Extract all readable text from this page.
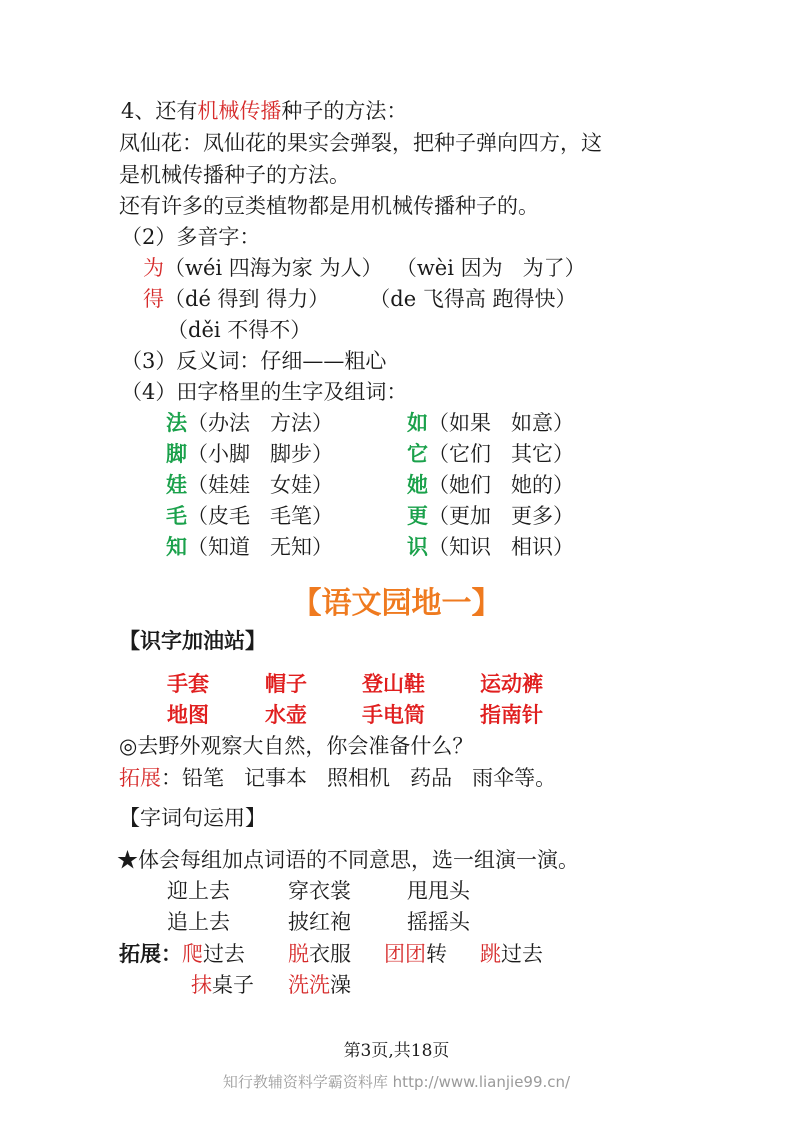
4、还有机械传播种子的方法：
凤仙花：凤仙花的果实会弹裂，把种子弹向四方，这
是机械传播种子的方法。
还有许多的豆类植物都是用机械传播种子的。
（2）多音字：
为（wéi 四海为家 为人）  （wèi 因为   为了）
得（dé 得到 得力）      （de 飞得高 跑得快）
（děi 不得不）
（3）反义词：仔细——粗心
（4）田字格里的生字及组词：
法（办法   方法）	如（如果   如意）
脚（小脚   脚步）	它（它们   其它）
娃（娃娃   女娃）	她（她们   她的）
毛（皮毛   毛笔）	更（更加   更多）
知（知道   无知）	识（知识   相识）
【语文园地一】
【识字加油站】
手套	帽子	登山鞋	运动裤
地图	水壶	手电筒	指南针
◎去野外观察大自然，你会准备什么？
拓展：铅笔   记事本   照相机   药品   雨伞等。
【字词句运用】
★体会每组加点词语的不同意思，选一组演一演。
迎上去	穿衣裳	甩甩头
追上去	披红袍	摇摇头
拓展：爬过去 脱衣服 团团转 跳过去
抹桌子 洗洗澡
第3页,共18页
知行教辅资料学霸资料库 http://www.lianjie99.cn/
